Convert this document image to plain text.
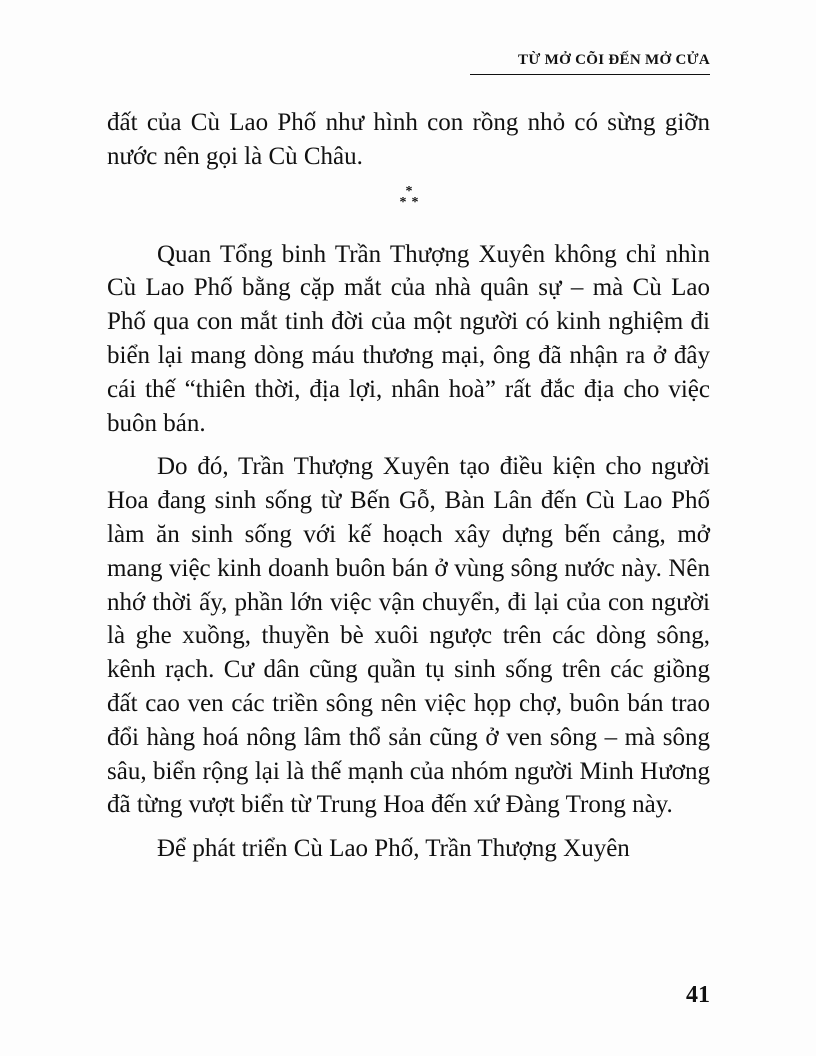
TỪ MỞ CÕI ĐẾN MỞ CỬA

đất của Cù Lao Phố như hình con rồng nhỏ có sừng giỡn nước nên gọi là Cù Châu.

*
* *

Quan Tổng binh Trần Thượng Xuyên không chỉ nhìn Cù Lao Phố bằng cặp mắt của nhà quân sự – mà Cù Lao Phố qua con mắt tinh đời của một người có kinh nghiệm đi biển lại mang dòng máu thương mại, ông đã nhận ra ở đây cái thế “thiên thời, địa lợi, nhân hoà” rất đắc địa cho việc buôn bán.

Do đó, Trần Thượng Xuyên tạo điều kiện cho người Hoa đang sinh sống từ Bến Gỗ, Bàn Lân đến Cù Lao Phố làm ăn sinh sống với kế hoạch xây dựng bến cảng, mở mang việc kinh doanh buôn bán ở vùng sông nước này. Nên nhớ thời ấy, phần lớn việc vận chuyển, đi lại của con người là ghe xuồng, thuyền bè xuôi ngược trên các dòng sông, kênh rạch. Cư dân cũng quần tụ sinh sống trên các giồng đất cao ven các triền sông nên việc họp chợ, buôn bán trao đổi hàng hoá nông lâm thổ sản cũng ở ven sông – mà sông sâu, biển rộng lại là thế mạnh của nhóm người Minh Hương đã từng vượt biển từ Trung Hoa đến xứ Đàng Trong này.

Để phát triển Cù Lao Phố, Trần Thượng Xuyên

41
